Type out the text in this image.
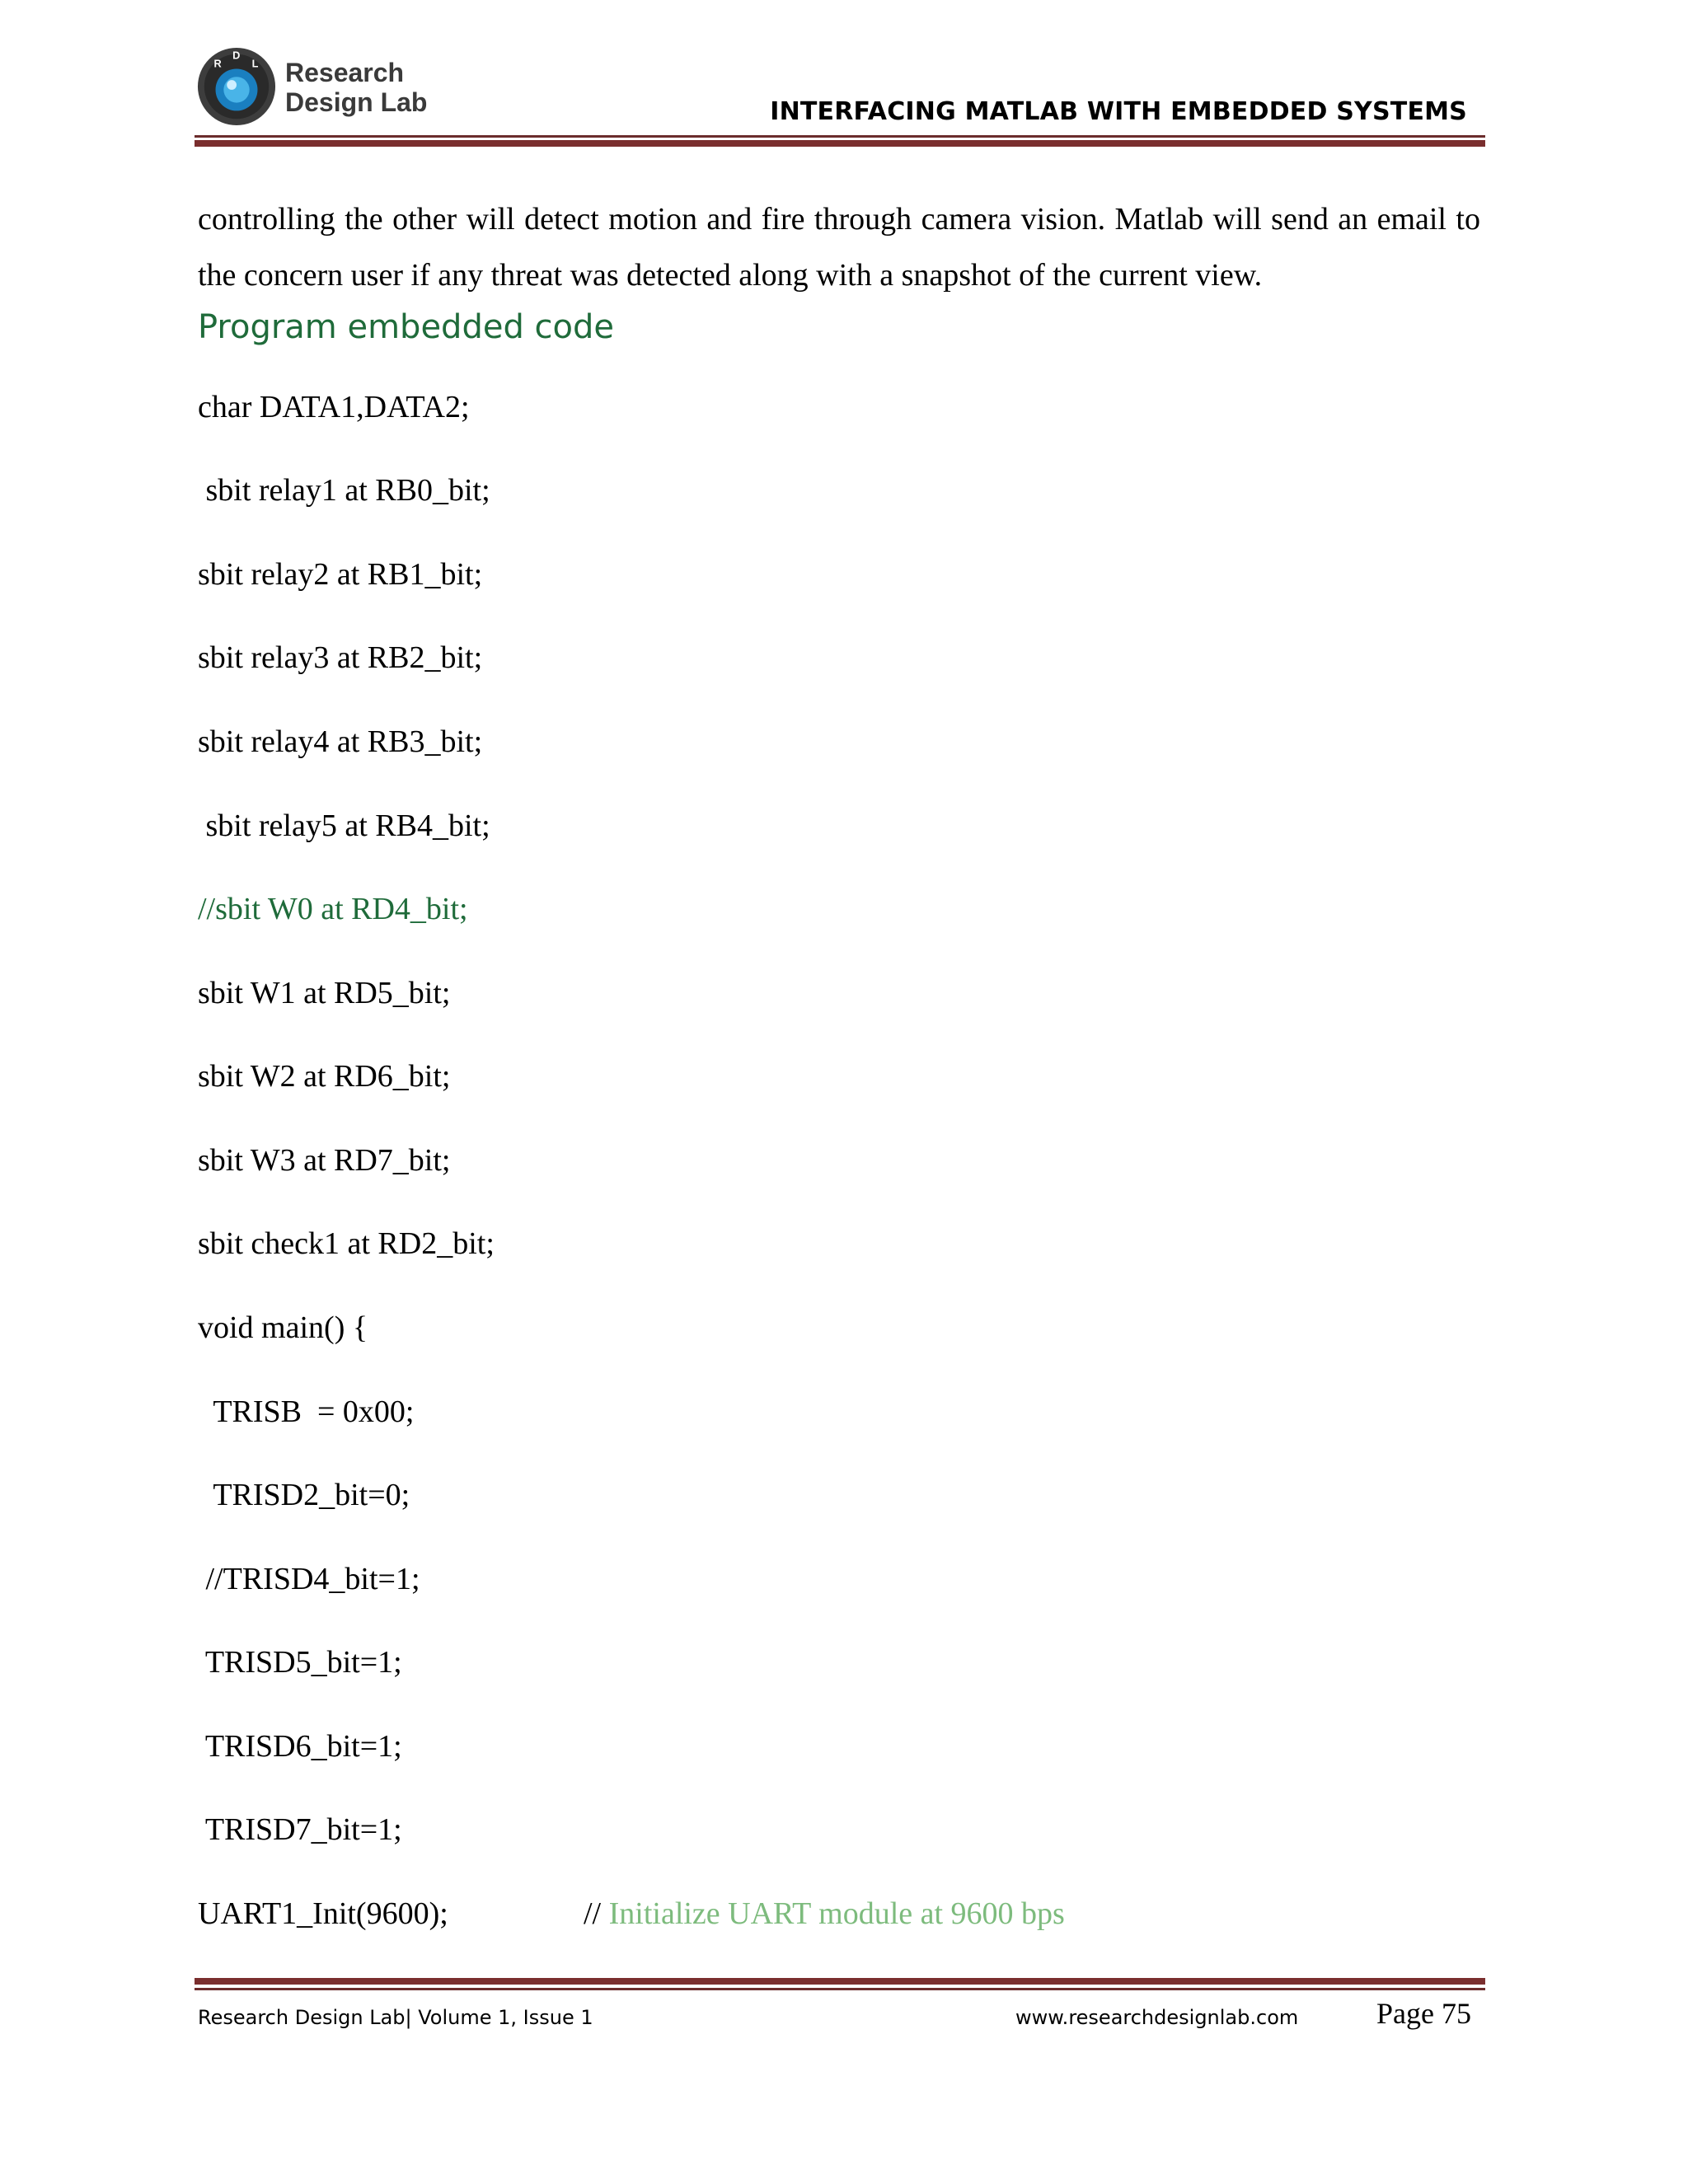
R
D
L Research
Design Lab	INTERFACING MATLAB WITH EMBEDDED SYSTEMS
controlling the other will detect motion and fire through camera vision. Matlab will send an email to the concern user if any threat was detected along with a snapshot of the current view.
Program embedded code
char DATA1,DATA2;
sbit relay1 at RB0_bit;
sbit relay2 at RB1_bit;
sbit relay3 at RB2_bit;
sbit relay4 at RB3_bit;
sbit relay5 at RB4_bit;
//sbit W0 at RD4_bit;
sbit W1 at RD5_bit;
sbit W2 at RD6_bit;
sbit W3 at RD7_bit;
sbit check1 at RD2_bit;
void main() {
TRISB  = 0x00;
TRISD2_bit=0;
//TRISD4_bit=1;
TRISD5_bit=1;
TRISD6_bit=1;
TRISD7_bit=1;
UART1_Init(9600);	// Initialize UART module at 9600 bps
Research Design Lab| Volume 1, Issue 1	www.researchdesignlab.com	Page 75
